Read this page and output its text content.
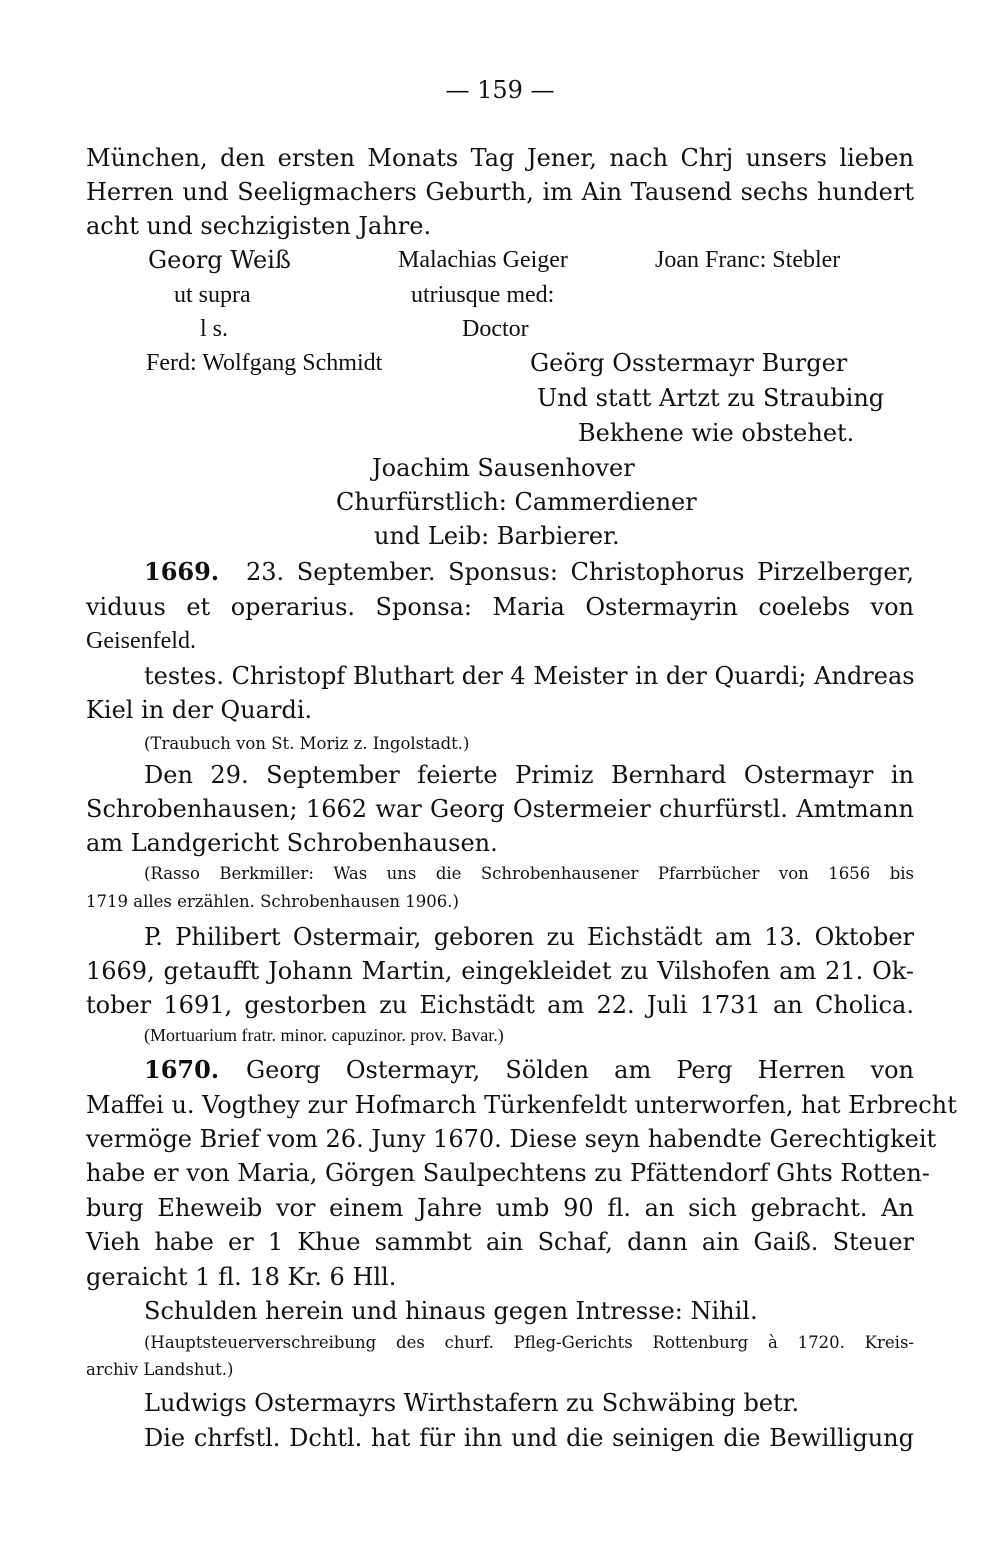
— 159 —
München, den ersten Monats Tag Jener, nach Chrj unsers lieben
Herren und Seeligmachers Geburth, im Ain Tausend sechs hundert
acht und sechzigisten Jahre.
Georg Weiß
ut supra
l s.
Malachias Geiger
utriusque med:
Doctor
Joan Franc: Stebler
Ferd: Wolfgang Schmidt	Geörg Osstermayr Burger
Und statt Artzt zu Straubing
Bekhene wie obstehet.
Joachim Sausenhover
Churfürstlich: Cammerdiener
und Leib: Barbierer.
1669. 23. September. Sponsus: Christophorus Pirzelberger,
viduus et operarius. Sponsa: Maria Ostermayrin coelebs von
Geisenfeld.
testes. Christopf Bluthart der 4 Meister in der Quardi; Andreas
Kiel in der Quardi.
(Traubuch von St. Moriz z. Ingolstadt.)
Den 29. September feierte Primiz Bernhard Ostermayr in
Schrobenhausen; 1662 war Georg Ostermeier churfürstl. Amtmann
am Landgericht Schrobenhausen.
(Rasso Berkmiller: Was uns die Schrobenhausener Pfarrbücher von 1656 bis
1719 alles erzählen. Schrobenhausen 1906.)
P. Philibert Ostermair, geboren zu Eichstädt am 13. Oktober
1669, getaufft Johann Martin, eingekleidet zu Vilshofen am 21. Ok-
tober 1691, gestorben zu Eichstädt am 22. Juli 1731 an Cholica.
(Mortuarium fratr. minor. capuzinor. prov. Bavar.)
1670. Georg Ostermayr, Sölden am Perg Herren von
Maffei u. Vogthey zur Hofmarch Türkenfeldt unterworfen, hat Erbrecht
vermöge Brief vom 26. Juny 1670. Diese seyn habendte Gerechtigkeit
habe er von Maria, Görgen Saulpechtens zu Pfättendorf Ghts Rotten-
burg Eheweib vor einem Jahre umb 90 fl. an sich gebracht. An
Vieh habe er 1 Khue sammbt ain Schaf, dann ain Gaiß. Steuer
geraicht 1 fl. 18 Kr. 6 Hll.
Schulden herein und hinaus gegen Intresse: Nihil.
(Hauptsteuerverschreibung des churf. Pfleg-Gerichts Rottenburg à 1720. Kreis-
archiv Landshut.)
Ludwigs Ostermayrs Wirthstafern zu Schwäbing betr.
Die chrfstl. Dchtl. hat für ihn und die seinigen die Bewilligung
